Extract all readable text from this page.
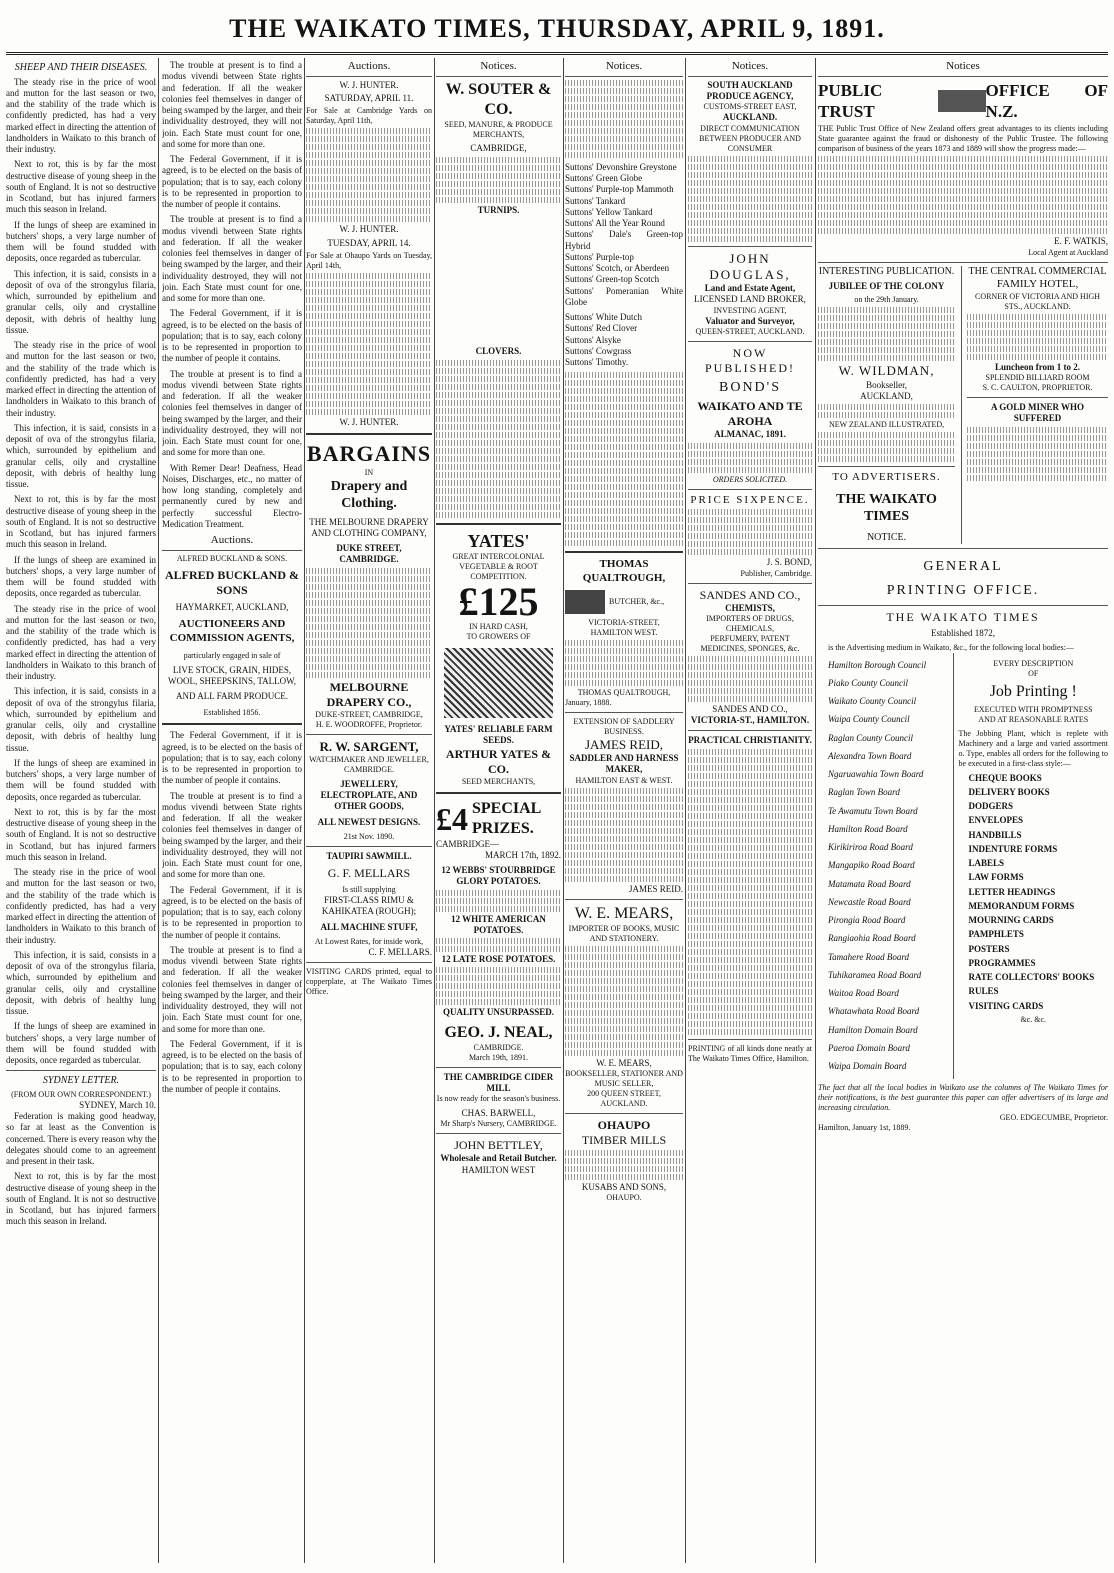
THE WAIKATO TIMES, THURSDAY, APRIL 9, 1891.
SHEEP AND THEIR DISEASES.

The steady rise in the price of wool and mutton for the last season or two, and the stability of the trade which is confidently predicted, has had a very marked effect in directing the attention of landholders in Waikato to this branch of their industry.

Next to rot, this is by far the most destructive disease of young sheep in the south of England. It is not so destructive in Scotland, but has injured farmers much this season in Ireland.

If the lungs of sheep are examined in butchers' shops, a very large number of them will be found studded with deposits, once regarded as tubercular.

This infection, it is said, consists in a deposit of ova of the strongylus filaria, which, surrounded by epithelium and granular cells, oily and crystalline deposit, with debris of healthy lung tissue.

The steady rise in the price of wool and mutton for the last season or two, and the stability of the trade which is confidently predicted, has had a very marked effect in directing the attention of landholders in Waikato to this branch of their industry.

This infection, it is said, consists in a deposit of ova of the strongylus filaria, which, surrounded by epithelium and granular cells, oily and crystalline deposit, with debris of healthy lung tissue.

Next to rot, this is by far the most destructive disease of young sheep in the south of England. It is not so destructive in Scotland, but has injured farmers much this season in Ireland.

If the lungs of sheep are examined in butchers' shops, a very large number of them will be found studded with deposits, once regarded as tubercular.

The steady rise in the price of wool and mutton for the last season or two, and the stability of the trade which is confidently predicted, has had a very marked effect in directing the attention of landholders in Waikato to this branch of their industry.

This infection, it is said, consists in a deposit of ova of the strongylus filaria, which, surrounded by epithelium and granular cells, oily and crystalline deposit, with debris of healthy lung tissue.

If the lungs of sheep are examined in butchers' shops, a very large number of them will be found studded with deposits, once regarded as tubercular.

Next to rot, this is by far the most destructive disease of young sheep in the south of England. It is not so destructive in Scotland, but has injured farmers much this season in Ireland.

The steady rise in the price of wool and mutton for the last season or two, and the stability of the trade which is confidently predicted, has had a very marked effect in directing the attention of landholders in Waikato to this branch of their industry.

This infection, it is said, consists in a deposit of ova of the strongylus filaria, which, surrounded by epithelium and granular cells, oily and crystalline deposit, with debris of healthy lung tissue.

If the lungs of sheep are examined in butchers' shops, a very large number of them will be found studded with deposits, once regarded as tubercular.

SYDNEY LETTER.
(FROM OUR OWN CORRESPONDENT.)
SYDNEY, March 10.

Federation is making good headway, so far at least as the Convention is concerned. There is every reason why the delegates should come to an agreement and present in their task.

Next to rot, this is by far the most destructive disease of young sheep in the south of England. It is not so destructive in Scotland, but has injured farmers much this season in Ireland.

The trouble at present is to find a modus vivendi between State rights and federation. If all the weaker colonies feel themselves in danger of being swamped by the larger, and their individuality destroyed, they will not join. Each State must count for one, and some for more than one.

The Federal Government, if it is agreed, is to be elected on the basis of population; that is to say, each colony is to be represented in proportion to the number of people it contains.

The trouble at present is to find a modus vivendi between State rights and federation. If all the weaker colonies feel themselves in danger of being swamped by the larger, and their individuality destroyed, they will not join. Each State must count for one, and some for more than one.

The Federal Government, if it is agreed, is to be elected on the basis of population; that is to say, each colony is to be represented in proportion to the number of people it contains.

The trouble at present is to find a modus vivendi between State rights and federation. If all the weaker colonies feel themselves in danger of being swamped by the larger, and their individuality destroyed, they will not join. Each State must count for one, and some for more than one.

With Remer Dear! Deafness, Head Noises, Discharges, etc., no matter of how long standing, completely and permanently cured by new and perfectly successful Electro-Medication Treatment.

Auctions.
ALFRED BUCKLAND & SONS.
ALFRED BUCKLAND & SONS
HAYMARKET, AUCKLAND,
AUCTIONEERS AND COMMISSION AGENTS,
particularly engaged in sale of
LIVE STOCK, GRAIN, HIDES, WOOL, SHEEPSKINS, TALLOW,
AND ALL FARM PRODUCE.
Established 1856.

The Federal Government, if it is agreed, is to be elected on the basis of population; that is to say, each colony is to be represented in proportion to the number of people it contains.

The trouble at present is to find a modus vivendi between State rights and federation. If all the weaker colonies feel themselves in danger of being swamped by the larger, and their individuality destroyed, they will not join. Each State must count for one, and some for more than one.

The Federal Government, if it is agreed, is to be elected on the basis of population; that is to say, each colony is to be represented in proportion to the number of people it contains.

The trouble at present is to find a modus vivendi between State rights and federation. If all the weaker colonies feel themselves in danger of being swamped by the larger, and their individuality destroyed, they will not join. Each State must count for one, and some for more than one.

The Federal Government, if it is agreed, is to be elected on the basis of population; that is to say, each colony is to be represented in proportion to the number of people it contains.

Auctions.
W. J. HUNTER.
SATURDAY, APRIL 11.
For Sale at Cambridge Yards on Saturday, April 11th,
W. J. HUNTER.
TUESDAY, APRIL 14.
For Sale at Ohaupo Yards on Tuesday, April 14th,
W. J. HUNTER.
BARGAINS
IN
Drapery and Clothing.
THE MELBOURNE DRAPERY AND CLOTHING COMPANY,
DUKE STREET, CAMBRIDGE.
MELBOURNE DRAPERY CO.,
DUKE-STREET, CAMBRIDGE,
H. E. WOODROFFE, Proprietor.
R. W. SARGENT,
WATCHMAKER AND JEWELLER, CAMBRIDGE.
JEWELLERY, ELECTROPLATE, AND OTHER GOODS,
ALL NEWEST DESIGNS.
21st Nov. 1890.
TAUPIRI SAWMILL.
G. F. MELLARS
Is still supplying
FIRST-CLASS RIMU & KAHIKATEA (ROUGH);
ALL MACHINE STUFF,
At Lowest Rates, for inside work,
C. F. MELLARS.
VISITING CARDS printed, equal to copperplate, at The Waikato Times Office.
Notices.
W. SOUTER & CO.
SEED, MANURE, & PRODUCE MERCHANTS,
CAMBRIDGE,
TURNIPS.
CLOVERS.
YATES'
GREAT INTERCOLONIAL VEGETABLE & ROOT
COMPETITION.
£125
IN HARD CASH,
TO GROWERS OF
YATES' RELIABLE FARM SEEDS.
ARTHUR YATES & CO.
SEED MERCHANTS,
£4 SPECIAL PRIZES.
CAMBRIDGE—
MARCH 17th, 1892.
12 WEBBS' STOURBRIDGE GLORY POTATOES.
12 WHITE AMERICAN POTATOES.
12 LATE ROSE POTATOES.
QUALITY UNSURPASSED.
GEO. J. NEAL,
CAMBRIDGE.
March 19th, 1891.
THE CAMBRIDGE CIDER MILL
Is now ready for the season's business.
CHAS. BARWELL,
Mr Sharp's Nursery, CAMBRIDGE.
JOHN BETTLEY,
Wholesale and Retail Butcher.
HAMILTON WEST
Notices.
Suttons' Devonshire Greystone
Suttons' Green Globe
Suttons' Purple-top Mammoth
Suttons' Tankard
Suttons' Yellow Tankard
Suttons' All the Year Round
Suttons' Dale's Green-top Hybrid
Suttons' Purple-top
Suttons' Scotch, or Aberdeen
Suttons' Green-top Scotch
Suttons' Pomeranian White Globe
Suttons' White Dutch
Suttons' Red Clover
Suttons' Alsyke
Suttons' Cowgrass
Suttons' Timothy.
THOMAS QUALTROUGH,
BUTCHER, &c.,
VICTORIA-STREET,
HAMILTON WEST.
THOMAS QUALTROUGH,
January, 1888.
EXTENSION OF SADDLERY BUSINESS.
JAMES REID,
SADDLER AND HARNESS MAKER,
HAMILTON EAST & WEST.
JAMES REID.
W. E. MEARS,
IMPORTER OF BOOKS, MUSIC AND STATIONERY.
W. E. MEARS,
BOOKSELLER, STATIONER AND MUSIC SELLER,
200 QUEEN STREET, AUCKLAND.
OHAUPO
TIMBER MILLS
KUSABS AND SONS,
OHAUPO.
Notices.
SOUTH AUCKLAND PRODUCE AGENCY,
CUSTOMS-STREET EAST,
AUCKLAND.
DIRECT COMMUNICATION BETWEEN PRODUCER AND CONSUMER
JOHN DOUGLAS,
Land and Estate Agent,
LICENSED LAND BROKER,
INVESTING AGENT,
Valuator and Surveyor,
QUEEN-STREET, AUCKLAND.
NOW PUBLISHED!
BOND'S
WAIKATO AND TE AROHA
ALMANAC, 1891.
ORDERS SOLICITED.
PRICE SIXPENCE.
J. S. BOND,
Publisher, Cambridge.
SANDES AND CO.,
CHEMISTS,
IMPORTERS OF DRUGS, CHEMICALS,
PERFUMERY, PATENT MEDICINES, SPONGES, &c.
SANDES AND CO.,
VICTORIA-ST., HAMILTON.
PRACTICAL CHRISTIANITY.
PRINTING of all kinds done neatly at The Waikato Times Office, Hamilton.
Notices
PUBLIC TRUST
OFFICE OF N.Z.
THE Public Trust Office of New Zealand offers great advantages to its clients including State guarantee against the fraud or dishonesty of the Public Trustee. The following comparison of business of the years 1873 and 1889 will show the progress made:—
E. F. WATKIS,
Local Agent at Auckland
INTERESTING PUBLICATION.
JUBILEE OF THE COLONY
on the 29th January.
W. WILDMAN,
Bookseller,
AUCKLAND,
NEW ZEALAND ILLUSTRATED,
TO ADVERTISERS.
THE WAIKATO TIMES
NOTICE.
THE CENTRAL COMMERCIAL
FAMILY HOTEL,
CORNER OF VICTORIA AND HIGH STS., AUCKLAND.
Luncheon from 1 to 2.
SPLENDID BILLIARD ROOM
S. C. CAULTON, PROPRIETOR.
A GOLD MINER WHO SUFFERED
GENERAL
PRINTING OFFICE.
THE WAIKATO TIMES
Established 1872,
is the Advertising medium in Waikato, &c., for the following local bodies:—
Hamilton Borough Council
Piako County Council
Waikato County Council
Waipa County Council
Raglan County Council
Alexandra Town Board
Ngaruawahia Town Board
Raglan Town Board
Te Awamutu Town Board
Hamilton Road Board
Kirikiriroa Road Board
Mangapiko Road Board
Matamata Road Board
Newcastle Road Board
Pirongia Road Board
Rangiaohia Road Board
Tamahere Road Board
Tuhikaramea Road Board
Waitoa Road Board
Whatawhata Road Board
Hamilton Domain Board
Paeroa Domain Board
Waipa Domain Board
EVERY DESCRIPTION
OF
Job Printing !
EXECUTED WITH PROMPTNESS
AND AT REASONABLE RATES
The Jobbing Plant, which is replete with Machinery and a large and varied assortment o. Type, enables all orders for the following to be executed in a first-class style:—
CHEQUE BOOKS
DELIVERY BOOKS
DODGERS
ENVELOPES
HANDBILLS
INDENTURE FORMS
LABELS
LAW FORMS
LETTER HEADINGS
MEMORANDUM FORMS
MOURNING CARDS
PAMPHLETS
POSTERS
PROGRAMMES
RATE COLLECTORS' BOOKS
RULES
VISITING CARDS
&c. &c.
The fact that all the local bodies in Waikato use the columns of The Waikato Times for their notifications, is the best guarantee this paper can offer advertisers of its large and increasing circulation.
GEO. EDGECUMBE, Proprietor.
Hamilton, January 1st, 1889.
